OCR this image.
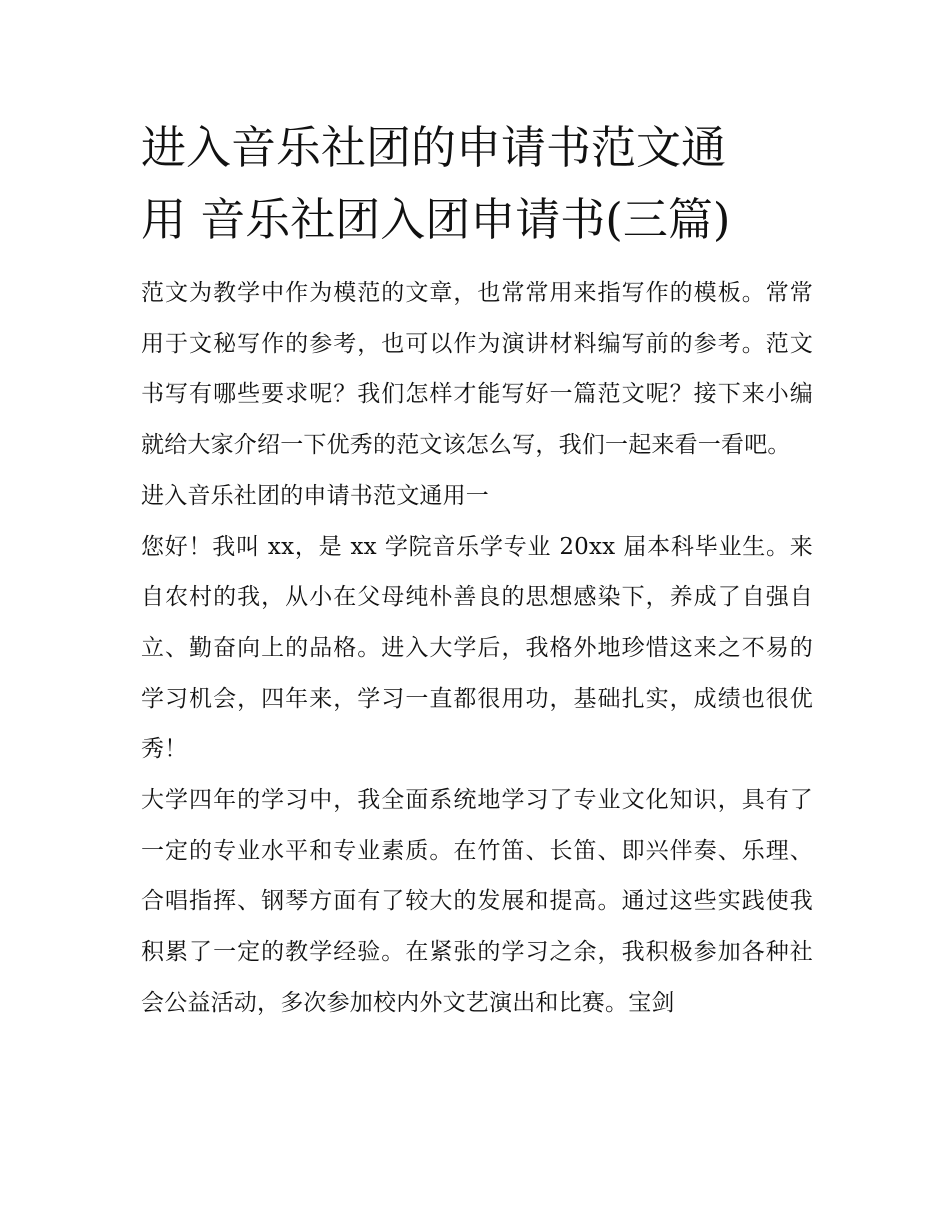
进入音乐社团的申请书范文通
用 音乐社团入团申请书(三篇)

范文为教学中作为模范的文章，也常常用来指写作的模板。常常用于文秘写作的参考，也可以作为演讲材料编写前的参考。范文书写有哪些要求呢？我们怎样才能写好一篇范文呢？接下来小编就给大家介绍一下优秀的范文该怎么写，我们一起来看一看吧。

进入音乐社团的申请书范文通用一

您好！我叫 xx，是 xx 学院音乐学专业 20xx 届本科毕业生。来自农村的我，从小在父母纯朴善良的思想感染下，养成了自强自立、勤奋向上的品格。进入大学后，我格外地珍惜这来之不易的学习机会，四年来，学习一直都很用功，基础扎实，成绩也很优秀！

大学四年的学习中，我全面系统地学习了专业文化知识，具有了一定的专业水平和专业素质。在竹笛、长笛、即兴伴奏、乐理、合唱指挥、钢琴方面有了较大的发展和提高。通过这些实践使我积累了一定的教学经验。在紧张的学习之余，我积极参加各种社会公益活动，多次参加校内外文艺演出和比赛。宝剑
